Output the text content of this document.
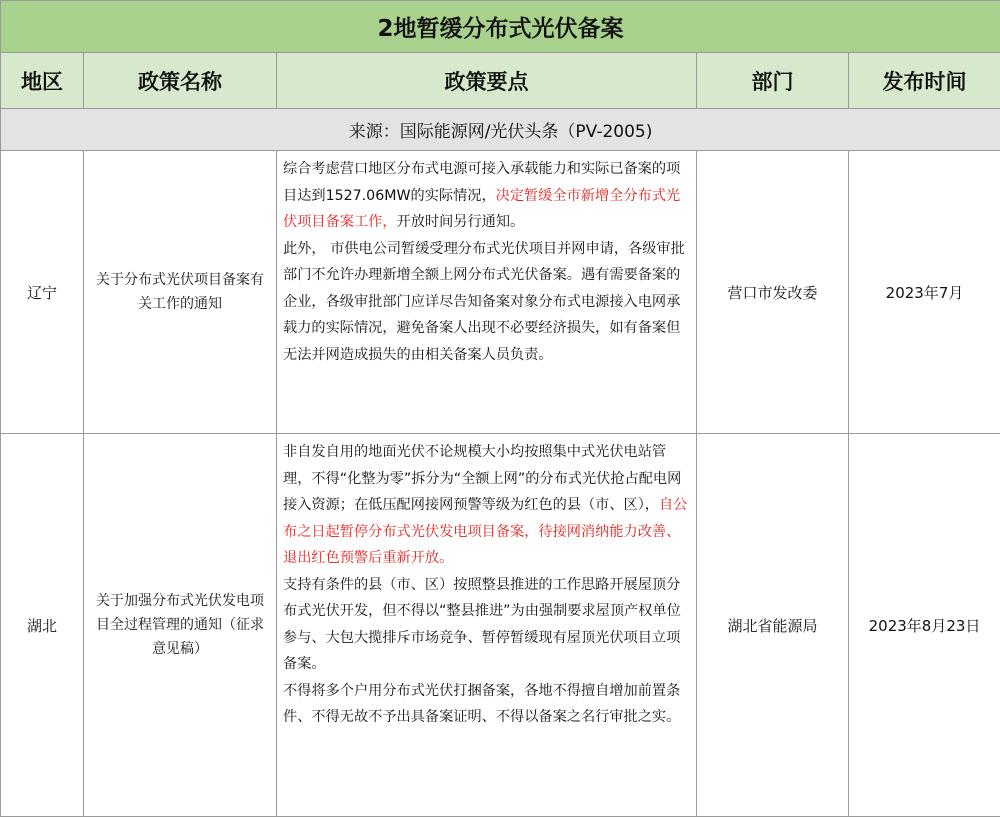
2地暂缓分布式光伏备案				
地区	政策名称	政策要点	部门	发布时间
来源：国际能源网/光伏头条（PV-2005)				
辽宁	关于分布式光伏项目备案有关工作的通知	综合考虑营口地区分布式电源可接入承载能力和实际已备案的项目达到1527.06MW的实际情况，决定暂缓全市新增全分布式光伏项目备案工作，开放时间另行通知。

此外， 市供电公司暂缓受理分布式光伏项目并网申请，各级审批部门不允许办理新增全额上网分布式光伏备案。遇有需要备案的企业，各级审批部门应详尽告知备案对象分布式电源接入电网承载力的实际情况，避免备案人出现不必要经济损失，如有备案但无法并网造成损失的由相关备案人员负责。	营口市发改委	2023年7月
湖北	关于加强分布式光伏发电项目全过程管理的通知（征求意见稿）	非自发自用的地面光伏不论规模大小均按照集中式光伏电站管理，不得“化整为零”拆分为“全额上网”的分布式光伏抢占配电网接入资源；在低压配网接网预警等级为红色的县（市、区），自公布之日起暂停分布式光伏发电项目备案，待接网消纳能力改善、退出红色预警后重新开放。

支持有条件的县（市、区）按照整县推进的工作思路开展屋顶分布式光伏开发，但不得以“整县推进”为由强制要求屋顶产权单位参与、大包大揽排斥市场竞争、暂停暂缓现有屋顶光伏项目立项备案。

不得将多个户用分布式光伏打捆备案，各地不得擅自增加前置条件、不得无故不予出具备案证明、不得以备案之名行审批之实。	湖北省能源局	2023年8月23日
